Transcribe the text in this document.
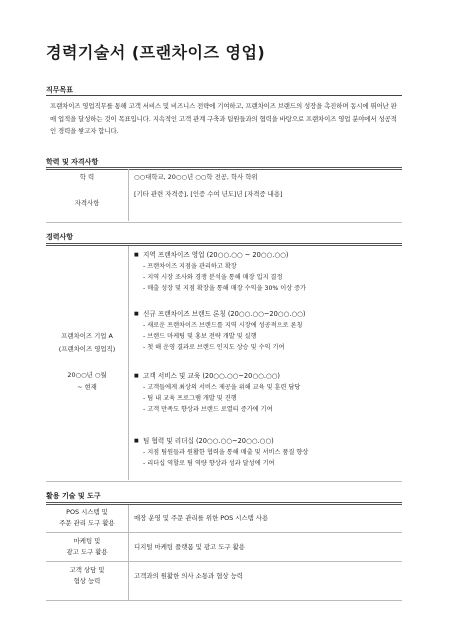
경력기술서 (프랜차이즈 영업)
직무목표
프랜차이즈 영업직무를 통해 고객 서비스 및 비즈니스 전략에 기여하고, 프랜차이즈 브랜드의 성장을 촉진하며 동시에 뛰어난 판매 업적을 달성하는 것이 목표입니다. 지속적인 고객 관계 구축과 팀원들과의 협력을 바탕으로 프랜차이즈 영업 분야에서 성공적인 경력을 쌓고자 합니다.
학력 및 자격사항
학 력	○○대학교, 20○○년 ○○학 전공, 학사 학위
[기타 관련 자격증], [인증 수여 년도]년 [자격증 내용]
자격사항
경력사항
프랜차이즈 기업 A
(프랜차이즈 영업직)
20○○년 ○월
~ 현재
■ 지역 프랜차이즈 영업 (20○○.○○ ~ 20○○.○○)
- 프랜차이즈 지점을 관리하고 확장
- 지역 시장 조사와 경쟁 분석을 통해 매장 입지 결정
- 매출 성장 및 지점 확장을 통해 매장 수익을 30% 이상 증가
■ 신규 프랜차이즈 브랜드 론칭 (20○○.○○~20○○.○○)
- 새로운 프랜차이즈 브랜드를 지역 시장에 성공적으로 론칭
- 브랜드 마케팅 및 홍보 전략 개발 및 실행
- 첫 해 운영 결과로 브랜드 인지도 상승 및 수익 기여
■ 고객 서비스 및 교육 (20○○.○○~20○○.○○)
- 고객들에게 최상의 서비스 제공을 위해 교육 및 훈련 담당
- 팀 내 교육 프로그램 개발 및 진행
- 고객 만족도 향상과 브랜드 로열티 증가에 기여
■ 팀 협력 및 리더십 (20○○.○○~20○○.○○)
- 지점 팀원들과 원활한 협력을 통해 매출 및 서비스 품질 향상
- 리더십 역할로 팀 역량 향상과 성과 달성에 기여
활용 기술 및 도구
POS 시스템 및
주문 관리 도구 활용
매장 운영 및 주문 관리를 위한 POS 시스템 사용
마케팅 및
광고 도구 활용
디지털 마케팅 플랫폼 및 광고 도구 활용
고객 상담 및
협상 능력
고객과의 원활한 의사 소통과 협상 능력
